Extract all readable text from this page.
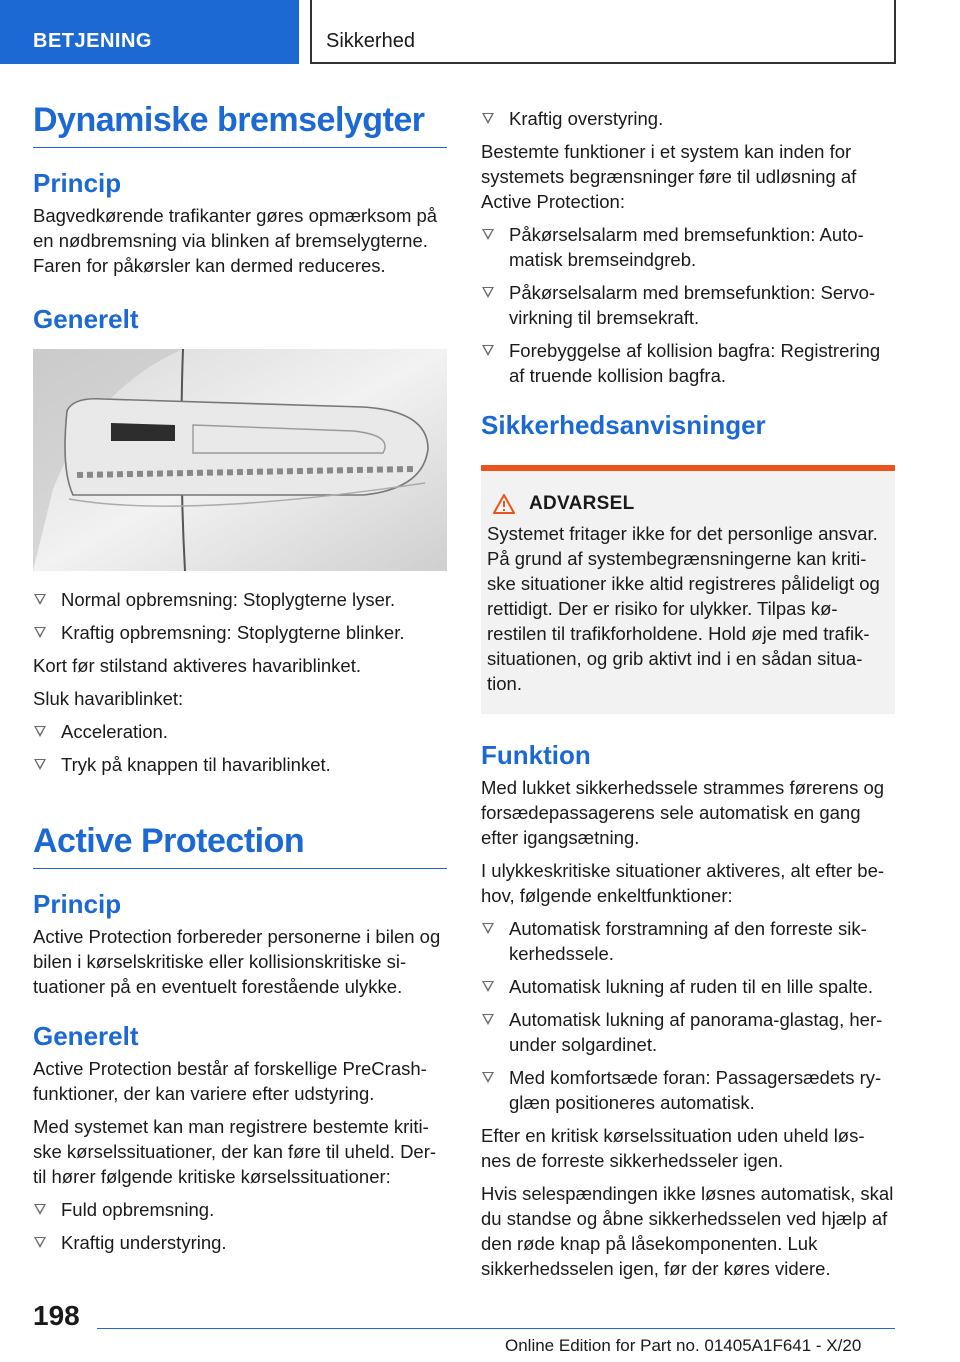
BETJENING	Sikkerhed
Dynamiske bremselygter
Princip

Bagvedkørende trafikanter gøres opmærksom på en nødbremsning via blinken af bremselygterne. Faren for påkørsler kan dermed reduceres.

Generelt
Normal opbremsning: Stoplygterne lyser.
Kraftig opbremsning: Stoplygterne blinker.

Kort før stilstand aktiveres havariblinket.

Sluk havariblinket:

Acceleration.
Tryk på knappen til havariblinket.
Active Protection
Princip

Active Protection forbereder personerne i bilen og bilen i kørselskritiske eller kollisionskritiske si- tuationer på en eventuelt forestående ulykke.

Generelt

Active Protection består af forskellige PreCrash- funktioner, der kan variere efter udstyring.

Med systemet kan man registrere bestemte kriti- ske kørselssituationer, der kan føre til uheld. Der- til hører følgende kritiske kørselssituationer:

Fuld opbremsning.
Kraftig understyring.
Kraftig overstyring.

Bestemte funktioner i et system kan inden for systemets begrænsninger føre til udløsning af Active Protection:

Påkørselsalarm med bremsefunktion: Auto- matisk bremseindgreb.
Påkørselsalarm med bremsefunktion: Servo- virkning til bremsekraft.
Forebyggelse af kollision bagfra: Registrering af truende kollision bagfra.
Sikkerhedsanvisninger
ADVARSEL

Systemet fritager ikke for det personlige ansvar. På grund af systembegrænsningerne kan kriti- ske situationer ikke altid registreres pålideligt og rettidigt. Der er risiko for ulykker. Tilpas kø- restilen til trafikforholdene. Hold øje med trafik- situationen, og grib aktivt ind i en sådan situa- tion.

Funktion

Med lukket sikkerhedssele strammes førerens og forsædepassagerens sele automatisk en gang efter igangsætning.

I ulykkeskritiske situationer aktiveres, alt efter be- hov, følgende enkeltfunktioner:

Automatisk forstramning af den forreste sik- kerhedssele.
Automatisk lukning af ruden til en lille spalte.
Automatisk lukning af panorama-glastag, her- under solgardinet.
Med komfortsæde foran: Passagersædets ry- glæn positioneres automatisk.

Efter en kritisk kørselssituation uden uheld løs- nes de forreste sikkerhedsseler igen.

Hvis selespændingen ikke løsnes automatisk, skal du standse og åbne sikkerhedsselen ved hjælp af den røde knap på låsekomponenten. Luk sikkerhedsselen igen, før der køres videre.

198
Online Edition for Part no. 01405A1F641 - X/20
